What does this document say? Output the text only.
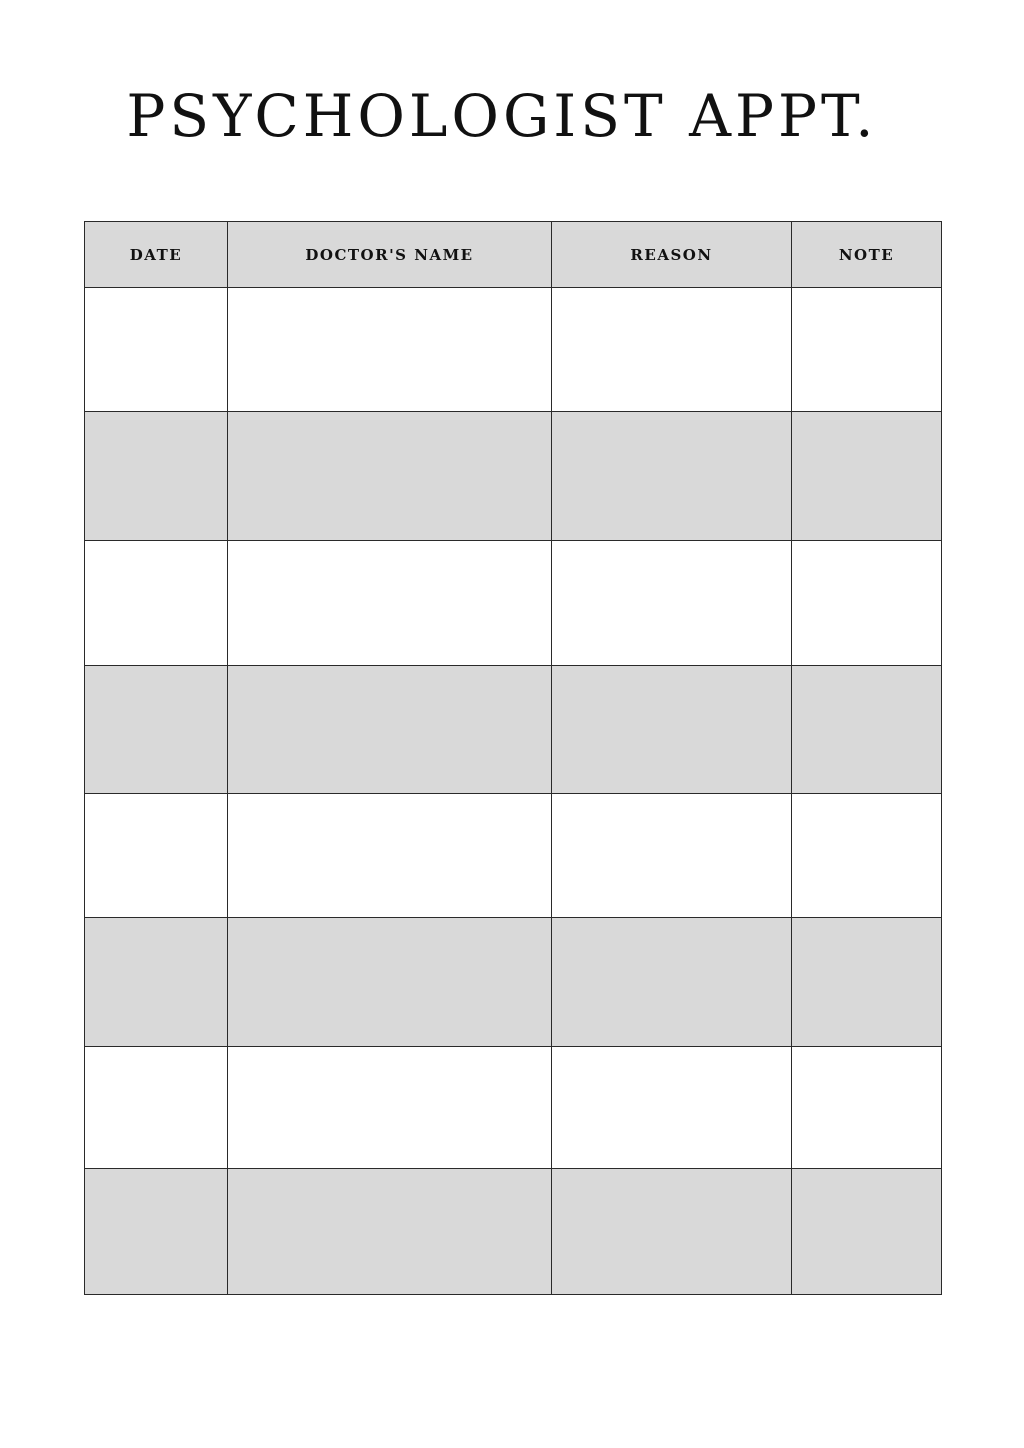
PSYCHOLOGIST APPT.
DATE	DOCTOR'S NAME	REASON	NOTE
